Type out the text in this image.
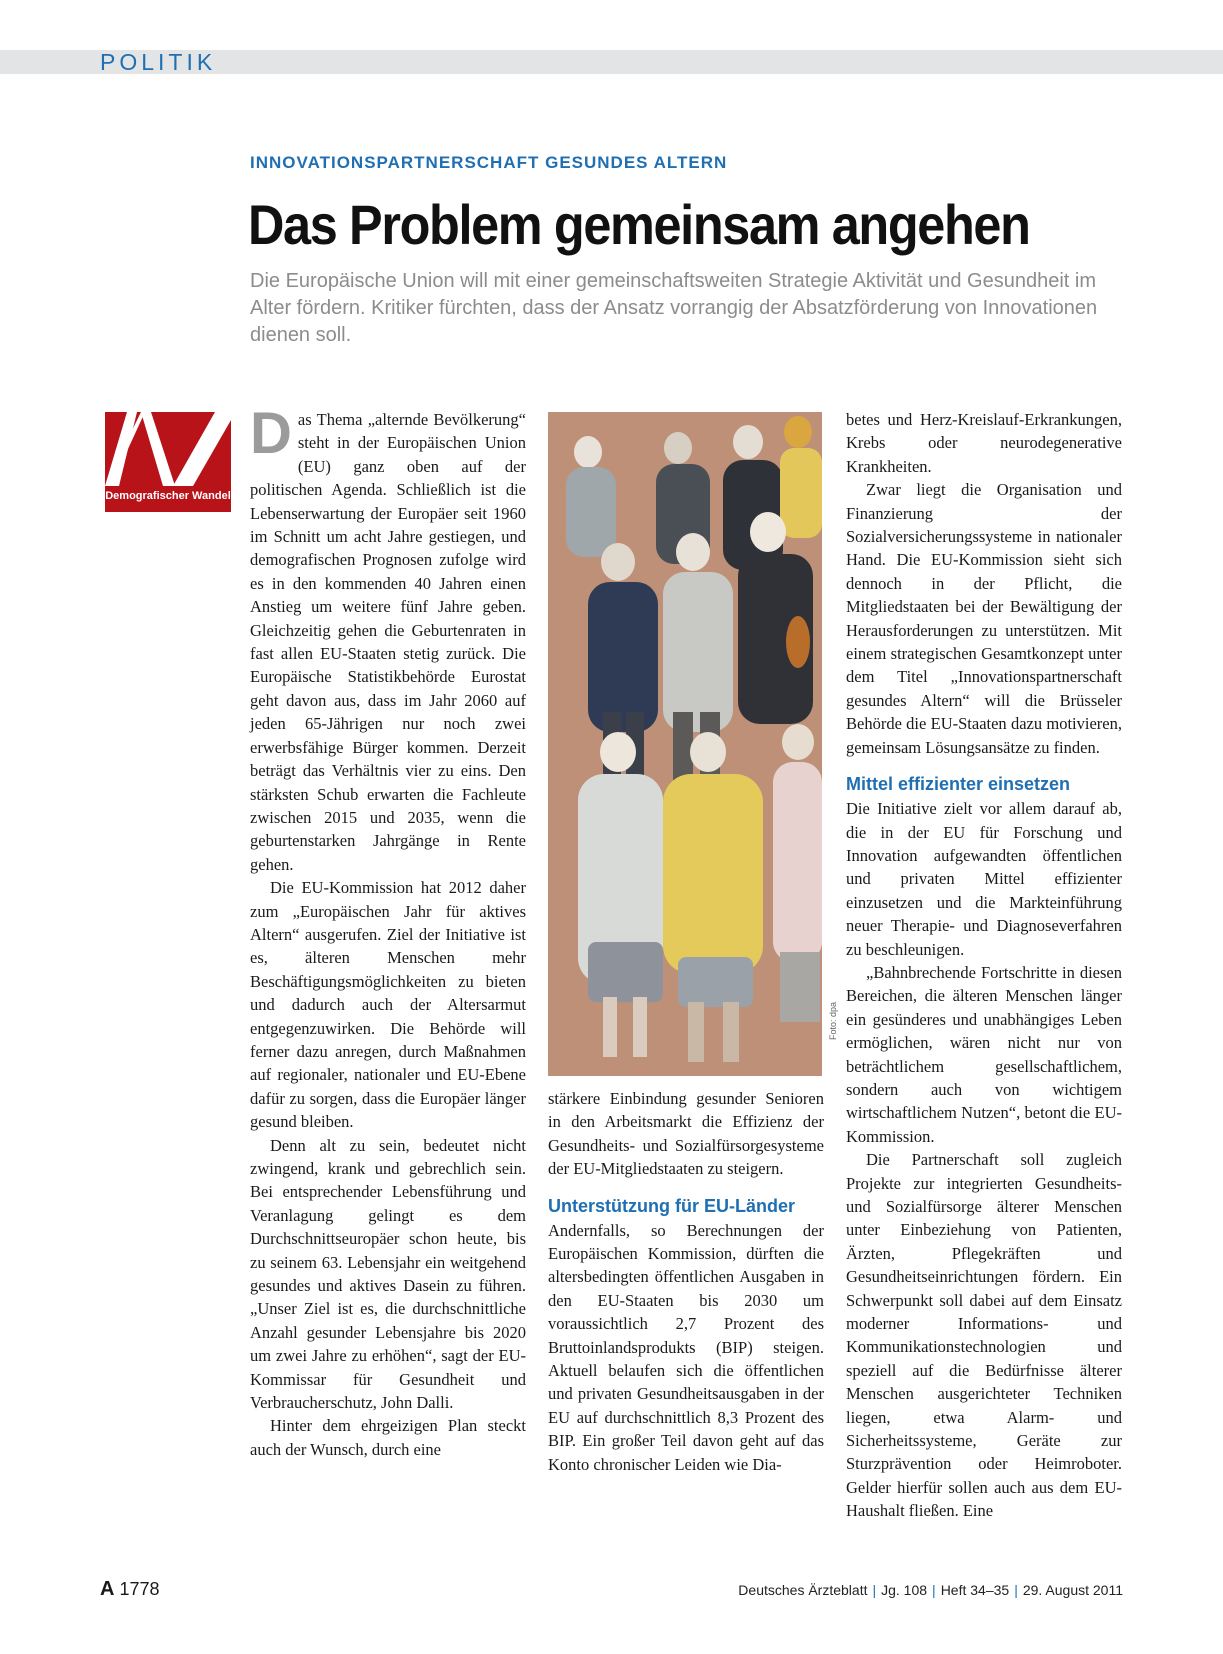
POLITIK
INNOVATIONSPARTNERSCHAFT GESUNDES ALTERN
Das Problem gemeinsam angehen

Die Europäische Union will mit einer gemeinschaftsweiten Strategie Aktivität und Gesundheit im Alter fördern. Kritiker fürchten, dass der Ansatz vorrangig der Absatzförderung von Innovationen dienen soll.

Demografischer Wandel

Das Thema „alternde Bevölkerung“ steht in der Europäischen Union (EU) ganz oben auf der politischen Agenda. Schließlich ist die Lebenserwartung der Europäer seit 1960 im Schnitt um acht Jahre gestiegen, und demografischen Prognosen zufolge wird es in den kommenden 40 Jahren einen Anstieg um weitere fünf Jahre geben. Gleichzeitig gehen die Geburtenraten in fast allen EU-Staaten stetig zurück. Die Europäische Statistikbehörde Eurostat geht davon aus, dass im Jahr 2060 auf jeden 65-Jährigen nur noch zwei erwerbsfähige Bürger kommen. Derzeit beträgt das Verhältnis vier zu eins. Den stärksten Schub erwarten die Fachleute zwischen 2015 und 2035, wenn die geburtenstarken Jahrgänge in Rente gehen.

Die EU-Kommission hat 2012 daher zum „Europäischen Jahr für aktives Altern“ ausgerufen. Ziel der Initiative ist es, älteren Menschen mehr Beschäftigungsmöglichkeiten zu bieten und dadurch auch der Altersarmut entgegenzuwirken. Die Behörde will ferner dazu anregen, durch Maßnahmen auf regionaler, nationaler und EU-Ebene dafür zu sorgen, dass die Europäer länger gesund bleiben.

Denn alt zu sein, bedeutet nicht zwingend, krank und gebrechlich sein. Bei entsprechender Lebensführung und Veranlagung gelingt es dem Durchschnittseuropäer schon heute, bis zu seinem 63. Lebensjahr ein weitgehend gesundes und aktives Dasein zu führen. „Unser Ziel ist es, die durchschnittliche Anzahl gesunder Lebensjahre bis 2020 um zwei Jahre zu erhöhen“, sagt der EU-Kommissar für Gesundheit und Verbraucherschutz, John Dalli.

Hinter dem ehrgeizigen Plan steckt auch der Wunsch, durch eine

Foto: dpa

stärkere Einbindung gesunder Senioren in den Arbeitsmarkt die Effizienz der Gesundheits- und Sozialfürsorgesysteme der EU-Mitgliedstaaten zu steigern.

Unterstützung für EU-Länder

Andernfalls, so Berechnungen der Europäischen Kommission, dürften die altersbedingten öffentlichen Ausgaben in den EU-Staaten bis 2030 um voraussichtlich 2,7 Prozent des Bruttoinlandsprodukts (BIP) steigen. Aktuell belaufen sich die öffentlichen und privaten Gesundheitsausgaben in der EU auf durchschnittlich 8,3 Prozent des BIP. Ein großer Teil davon geht auf das Konto chronischer Leiden wie Dia-

betes und Herz-Kreislauf-Erkrankungen, Krebs oder neurodegenerative Krankheiten.

Zwar liegt die Organisation und Finanzierung der Sozialversicherungssysteme in nationaler Hand. Die EU-Kommission sieht sich dennoch in der Pflicht, die Mitgliedstaaten bei der Bewältigung der Herausforderungen zu unterstützen. Mit einem strategischen Gesamtkonzept unter dem Titel „Innovationspartnerschaft gesundes Altern“ will die Brüsseler Behörde die EU-Staaten dazu motivieren, gemeinsam Lösungsansätze zu finden.

Mittel effizienter einsetzen

Die Initiative zielt vor allem darauf ab, die in der EU für Forschung und Innovation aufgewandten öffentlichen und privaten Mittel effizienter einzusetzen und die Markteinführung neuer Therapie- und Diagnoseverfahren zu beschleunigen.

„Bahnbrechende Fortschritte in diesen Bereichen, die älteren Menschen länger ein gesünderes und unabhängiges Leben ermöglichen, wären nicht nur von beträchtlichem gesellschaftlichem, sondern auch von wichtigem wirtschaftlichem Nutzen“, betont die EU-Kommission.

Die Partnerschaft soll zugleich Projekte zur integrierten Gesundheits- und Sozialfürsorge älterer Menschen unter Einbeziehung von Patienten, Ärzten, Pflegekräften und Gesundheitseinrichtungen fördern. Ein Schwerpunkt soll dabei auf dem Einsatz moderner Informations- und Kommunikationstechnologien und speziell auf die Bedürfnisse älterer Menschen ausgerichteter Techniken liegen, etwa Alarm- und Sicherheitssysteme, Geräte zur Sturzprävention oder Heimroboter. Gelder hierfür sollen auch aus dem EU-Haushalt fließen. Eine

A 1778	Deutsches Ärzteblatt | Jg. 108 | Heft 34–35 | 29. August 2011
